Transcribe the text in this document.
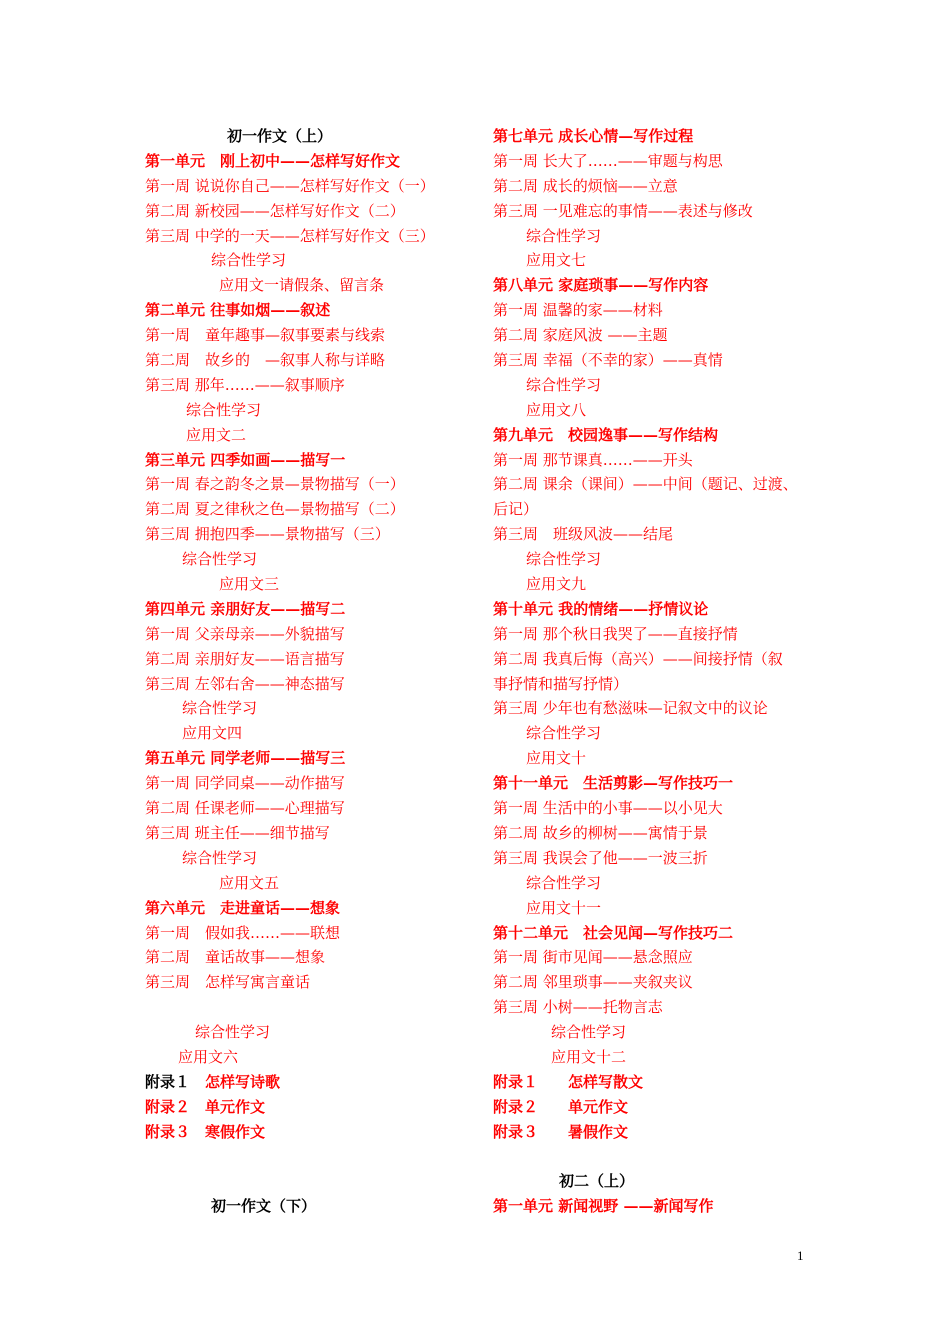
初一作文（上）
第一单元　刚上初中——怎样写好作文
第一周 说说你自己——怎样写好作文（一）
第二周 新校园——怎样写好作文（二）
第三周 中学的一天——怎样写好作文（三）
综合性学习
应用文一请假条、留言条
第二单元 往事如烟——叙述
第一周　童年趣事—叙事要素与线索
第二周　故乡的　—叙事人称与详略
第三周 那年……——叙事顺序
综合性学习
应用文二
第三单元 四季如画——描写一
第一周 春之韵冬之景—景物描写（一）
第二周 夏之律秋之色—景物描写（二）
第三周 拥抱四季——景物描写（三）
综合性学习
应用文三
第四单元 亲朋好友——描写二
第一周 父亲母亲——外貌描写
第二周 亲朋好友——语言描写
第三周 左邻右舍——神态描写
综合性学习
应用文四
第五单元 同学老师——描写三
第一周 同学同桌——动作描写
第二周 任课老师——心理描写
第三周 班主任——细节描写
综合性学习
应用文五
第六单元　走进童话——想象
第一周　假如我……——联想
第二周　童话故事——想象
第三周　怎样写寓言童话
综合性学习
应用文六
附录１　怎样写诗歌
附录２　单元作文
附录３　寒假作文
初一作文（下）
第七单元 成长心情—写作过程
第一周 长大了……——审题与构思
第二周 成长的烦恼——立意
第三周 一见难忘的事情——表述与修改
综合性学习
应用文七
第八单元 家庭琐事——写作内容
第一周 温馨的家——材料
第二周 家庭风波 ——主题
第三周 幸福（不幸的家）——真情
综合性学习
应用文八
第九单元　校园逸事——写作结构
第一周 那节课真……——开头
第二周 课余（课间）——中间（题记、过渡、
后记）
第三周　班级风波——结尾
综合性学习
应用文九
第十单元 我的情绪——抒情议论
第一周 那个秋日我哭了——直接抒情
第二周 我真后悔（高兴）——间接抒情（叙
事抒情和描写抒情）
第三周 少年也有愁滋味—记叙文中的议论
综合性学习
应用文十
第十一单元　生活剪影—写作技巧一
第一周 生活中的小事——以小见大
第二周 故乡的柳树——寓情于景
第三周 我误会了他——一波三折
综合性学习
应用文十一
第十二单元　社会见闻—写作技巧二
第一周 街市见闻——悬念照应
第二周 邻里琐事——夹叙夹议
第三周 小树——托物言志
综合性学习
应用文十二
附录１　　怎样写散文
附录２　　单元作文
附录３　　暑假作文
初二（上）
第一单元 新闻视野 ——新闻写作
1
